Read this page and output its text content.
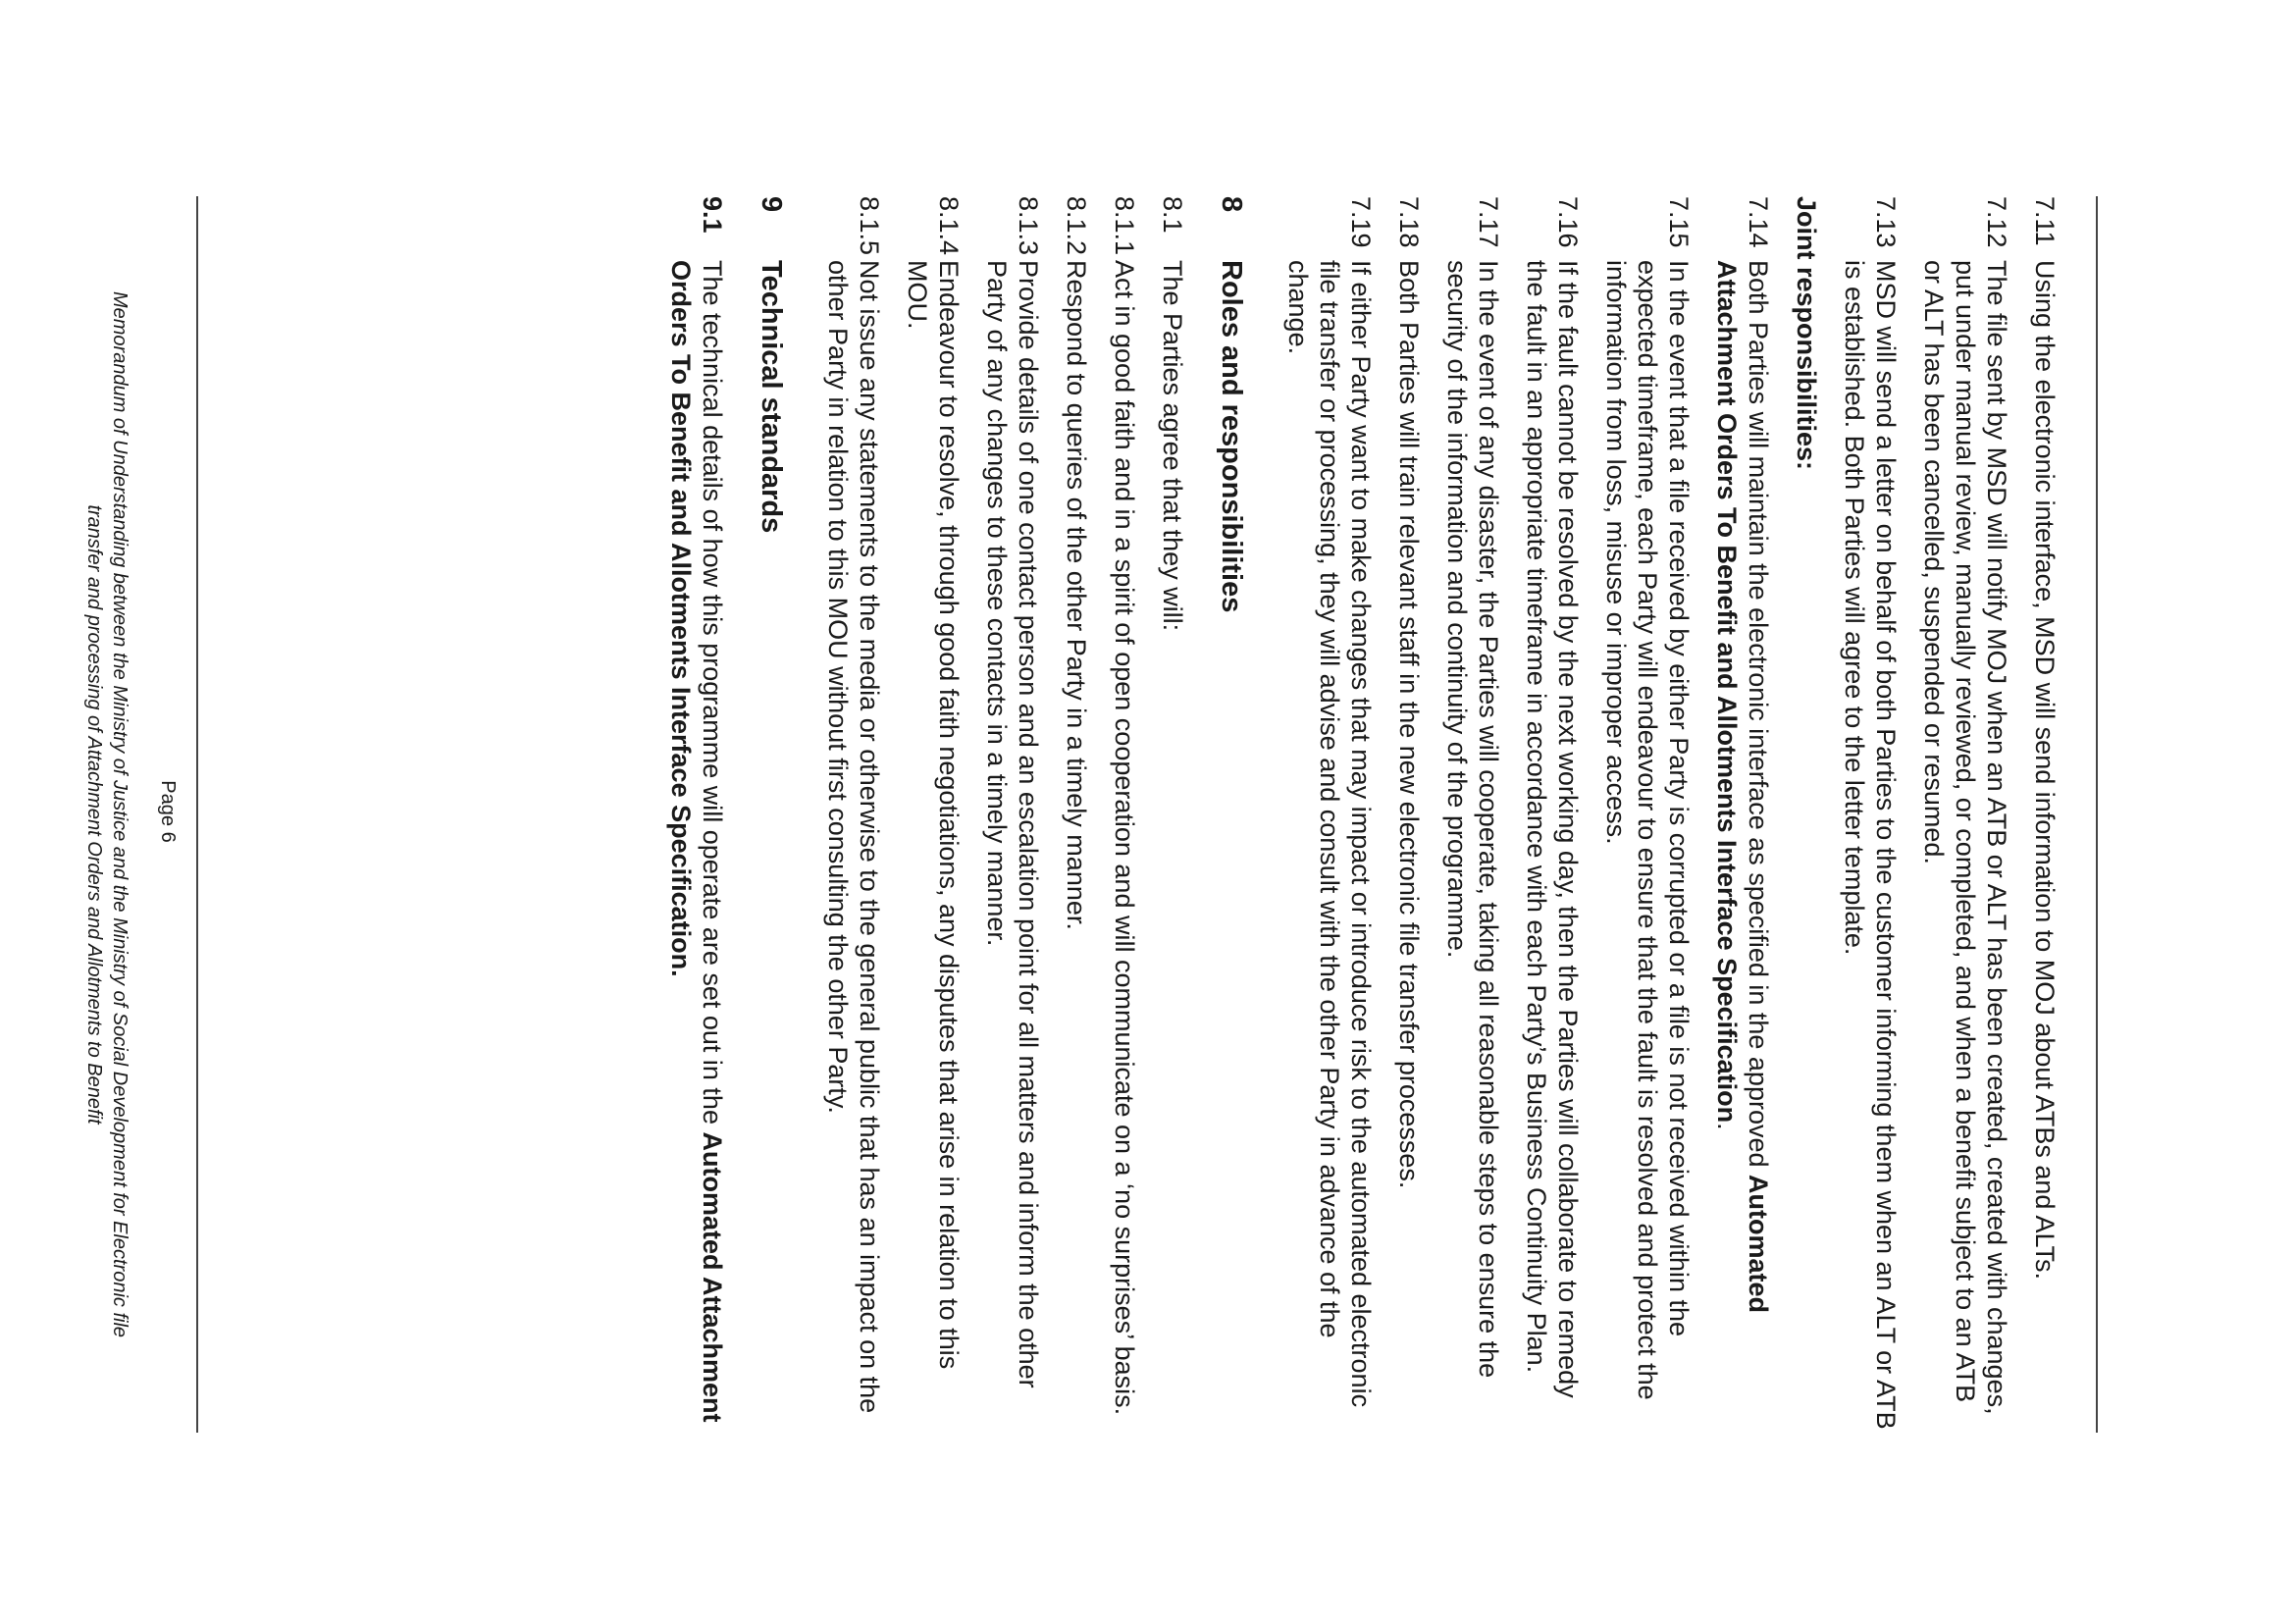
7.11
Using the electronic interface, MSD will send information to MOJ about ATBs and ALTs.
7.12
The file sent by MSD will notify MOJ when an ATB or ALT has been created, created with changes, put under manual review, manually reviewed, or completed, and when a benefit subject to an ATB or ALT has been cancelled, suspended or resumed.
7.13
MSD will send a letter on behalf of both Parties to the customer informing them when an ALT or ATB is established. Both Parties will agree to the letter template.
Joint responsibilities:
7.14
Both Parties will maintain the electronic interface as specified in the approved Automated Attachment Orders To Benefit and Allotments Interface Specification.
7.15
In the event that a file received by either Party is corrupted or a file is not received within the expected timeframe, each Party will endeavour to ensure that the fault is resolved and protect the information from loss, misuse or improper access.
7.16
If the fault cannot be resolved by the next working day, then the Parties will collaborate to remedy the fault in an appropriate timeframe in accordance with each Party’s Business Continuity Plan.
7.17
In the event of any disaster, the Parties will cooperate, taking all reasonable steps to ensure the security of the information and continuity of the programme.
7.18
Both Parties will train relevant staff in the new electronic file transfer processes.
7.19
If either Party want to make changes that may impact or introduce risk to the automated electronic file transfer or processing, they will advise and consult with the other Party in advance of the change.
8
Roles and responsibilities
8.1
The Parties agree that they will:
8.1.1
Act in good faith and in a spirit of open cooperation and will communicate on a ‘no surprises’ basis.
8.1.2
Respond to queries of the other Party in a timely manner.
8.1.3
Provide details of one contact person and an escalation point for all matters and inform the other Party of any changes to these contacts in a timely manner.
8.1.4
Endeavour to resolve, through good faith negotiations, any disputes that arise in relation to this MOU.
8.1.5
Not issue any statements to the media or otherwise to the general public that has an impact on the other Party in relation to this MOU without first consulting the other Party.
9
Technical standards
9.1
The technical details of how this programme will operate are set out in the Automated Attachment Orders To Benefit and Allotments Interface Specification.
Page 6
Memorandum of Understanding between the Ministry of Justice and the Ministry of Social Development for Electronic file
transfer and processing of Attachment Orders and Allotments to Benefit
